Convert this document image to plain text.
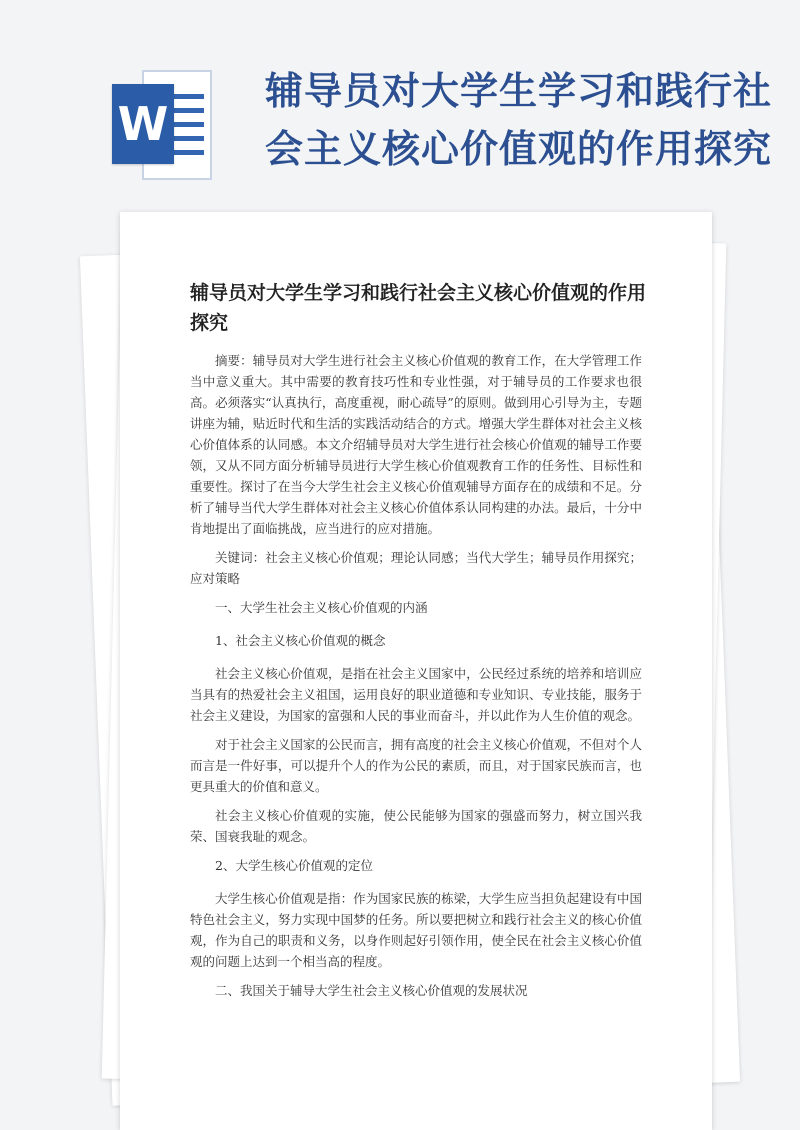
W
辅导员对大学生学习和践行社会主义核心价值观的作用探究
辅导员对大学生学习和践行社会主义核心价值观的作用探究

摘要：辅导员对大学生进行社会主义核心价值观的教育工作，在大学管理工作当中意义重大。其中需要的教育技巧性和专业性强，对于辅导员的工作要求也很高。必须落实“认真执行，高度重视，耐心疏导”的原则。做到用心引导为主，专题讲座为辅，贴近时代和生活的实践活动结合的方式。增强大学生群体对社会主义核心价值体系的认同感。本文介绍辅导员对大学生进行社会核心价值观的辅导工作要领，又从不同方面分析辅导员进行大学生核心价值观教育工作的任务性、目标性和重要性。探讨了在当今大学生社会主义核心价值观辅导方面存在的成绩和不足。分析了辅导当代大学生群体对社会主义核心价值体系认同构建的办法。最后，十分中肯地提出了面临挑战，应当进行的应对措施。

关键词：社会主义核心价值观；理论认同感；当代大学生；辅导员作用探究；应对策略

一、大学生社会主义核心价值观的内涵

1、社会主义核心价值观的概念

社会主义核心价值观，是指在社会主义国家中，公民经过系统的培养和培训应当具有的热爱社会主义祖国，运用良好的职业道德和专业知识、专业技能，服务于社会主义建设，为国家的富强和人民的事业而奋斗，并以此作为人生价值的观念。

对于社会主义国家的公民而言，拥有高度的社会主义核心价值观，不但对个人而言是一件好事，可以提升个人的作为公民的素质，而且，对于国家民族而言，也更具重大的价值和意义。

社会主义核心价值观的实施，使公民能够为国家的强盛而努力，树立国兴我荣、国衰我耻的观念。

2、大学生核心价值观的定位

大学生核心价值观是指：作为国家民族的栋梁，大学生应当担负起建设有中国特色社会主义，努力实现中国梦的任务。所以要把树立和践行社会主义的核心价值观，作为自己的职责和义务，以身作则起好引领作用，使全民在社会主义核心价值观的问题上达到一个相当高的程度。

二、我国关于辅导大学生社会主义核心价值观的发展状况
